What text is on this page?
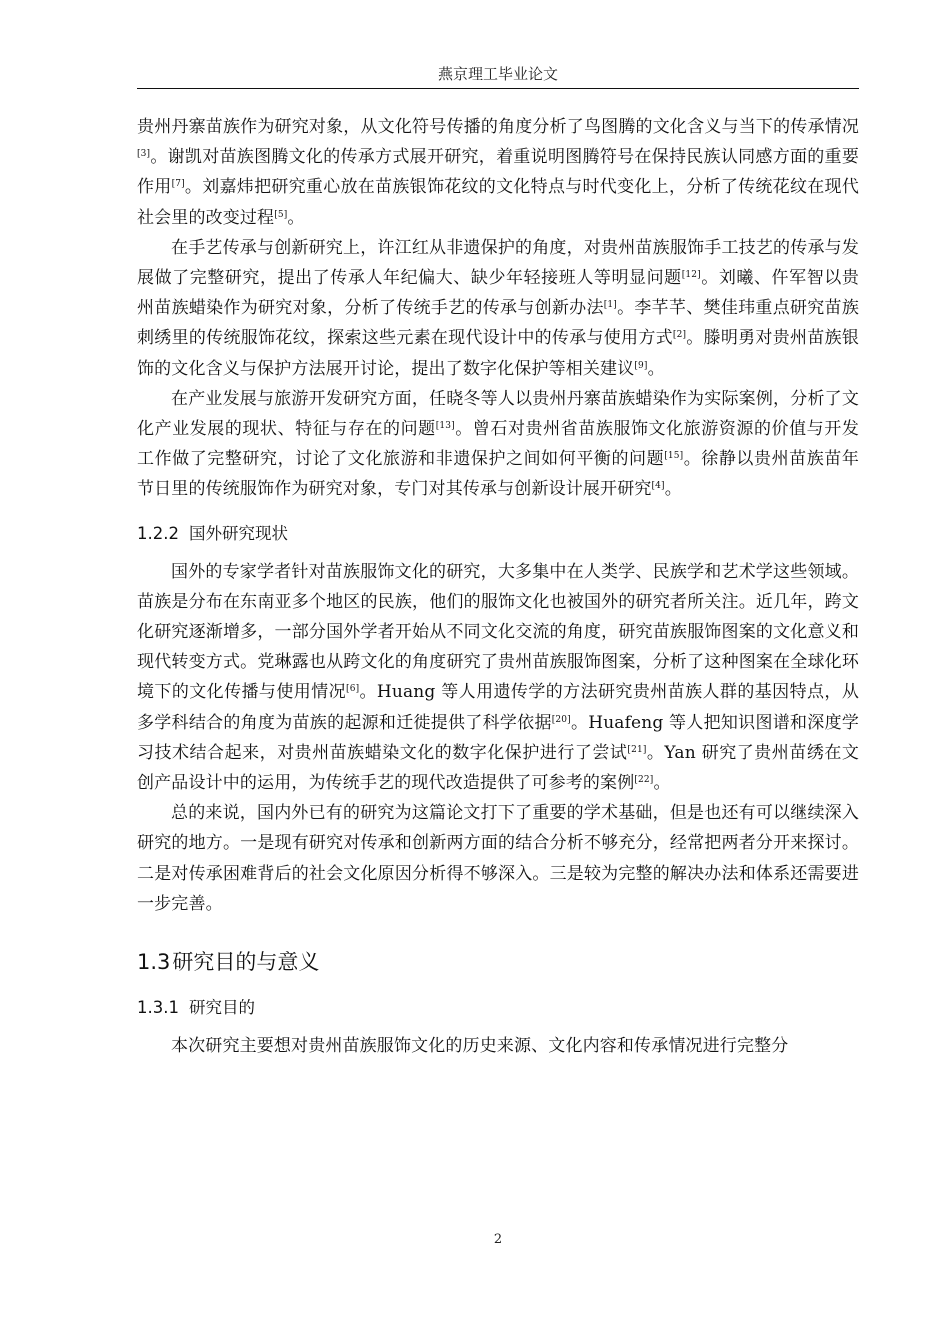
燕京理工毕业论文

贵州丹寨苗族作为研究对象，从文化符号传播的角度分析了鸟图腾的文化含义与当下的传承情况[3]。谢凯对苗族图腾文化的传承方式展开研究，着重说明图腾符号在保持民族认同感方面的重要作用[7]。刘嘉炜把研究重心放在苗族银饰花纹的文化特点与时代变化上，分析了传统花纹在现代社会里的改变过程[5]。

在手艺传承与创新研究上，许江红从非遗保护的角度，对贵州苗族服饰手工技艺的传承与发展做了完整研究，提出了传承人年纪偏大、缺少年轻接班人等明显问题[12]。刘曦、仵军智以贵州苗族蜡染作为研究对象，分析了传统手艺的传承与创新办法[1]。李芊芊、樊佳玮重点研究苗族刺绣里的传统服饰花纹，探索这些元素在现代设计中的传承与使用方式[2]。滕明勇对贵州苗族银饰的文化含义与保护方法展开讨论，提出了数字化保护等相关建议[9]。

在产业发展与旅游开发研究方面，任晓冬等人以贵州丹寨苗族蜡染作为实际案例，分析了文化产业发展的现状、特征与存在的问题[13]。曾石对贵州省苗族服饰文化旅游资源的价值与开发工作做了完整研究，讨论了文化旅游和非遗保护之间如何平衡的问题[15]。徐静以贵州苗族苗年节日里的传统服饰作为研究对象，专门对其传承与创新设计展开研究[4]。

1.2.2 国外研究现状

国外的专家学者针对苗族服饰文化的研究，大多集中在人类学、民族学和艺术学这些领域。苗族是分布在东南亚多个地区的民族，他们的服饰文化也被国外的研究者所关注。近几年，跨文化研究逐渐增多，一部分国外学者开始从不同文化交流的角度，研究苗族服饰图案的文化意义和现代转变方式。党琳露也从跨文化的角度研究了贵州苗族服饰图案，分析了这种图案在全球化环境下的文化传播与使用情况[6]。Huang 等人用遗传学的方法研究贵州苗族人群的基因特点，从多学科结合的角度为苗族的起源和迁徙提供了科学依据[20]。Huafeng 等人把知识图谱和深度学习技术结合起来，对贵州苗族蜡染文化的数字化保护进行了尝试[21]。Yan 研究了贵州苗绣在文创产品设计中的运用，为传统手艺的现代改造提供了可参考的案例[22]。

总的来说，国内外已有的研究为这篇论文打下了重要的学术基础，但是也还有可以继续深入研究的地方。一是现有研究对传承和创新两方面的结合分析不够充分，经常把两者分开来探讨。二是对传承困难背后的社会文化原因分析得不够深入。三是较为完整的解决办法和体系还需要进一步完善。

1.3研究目的与意义
1.3.1 研究目的

本次研究主要想对贵州苗族服饰文化的历史来源、文化内容和传承情况进行完整分

2
